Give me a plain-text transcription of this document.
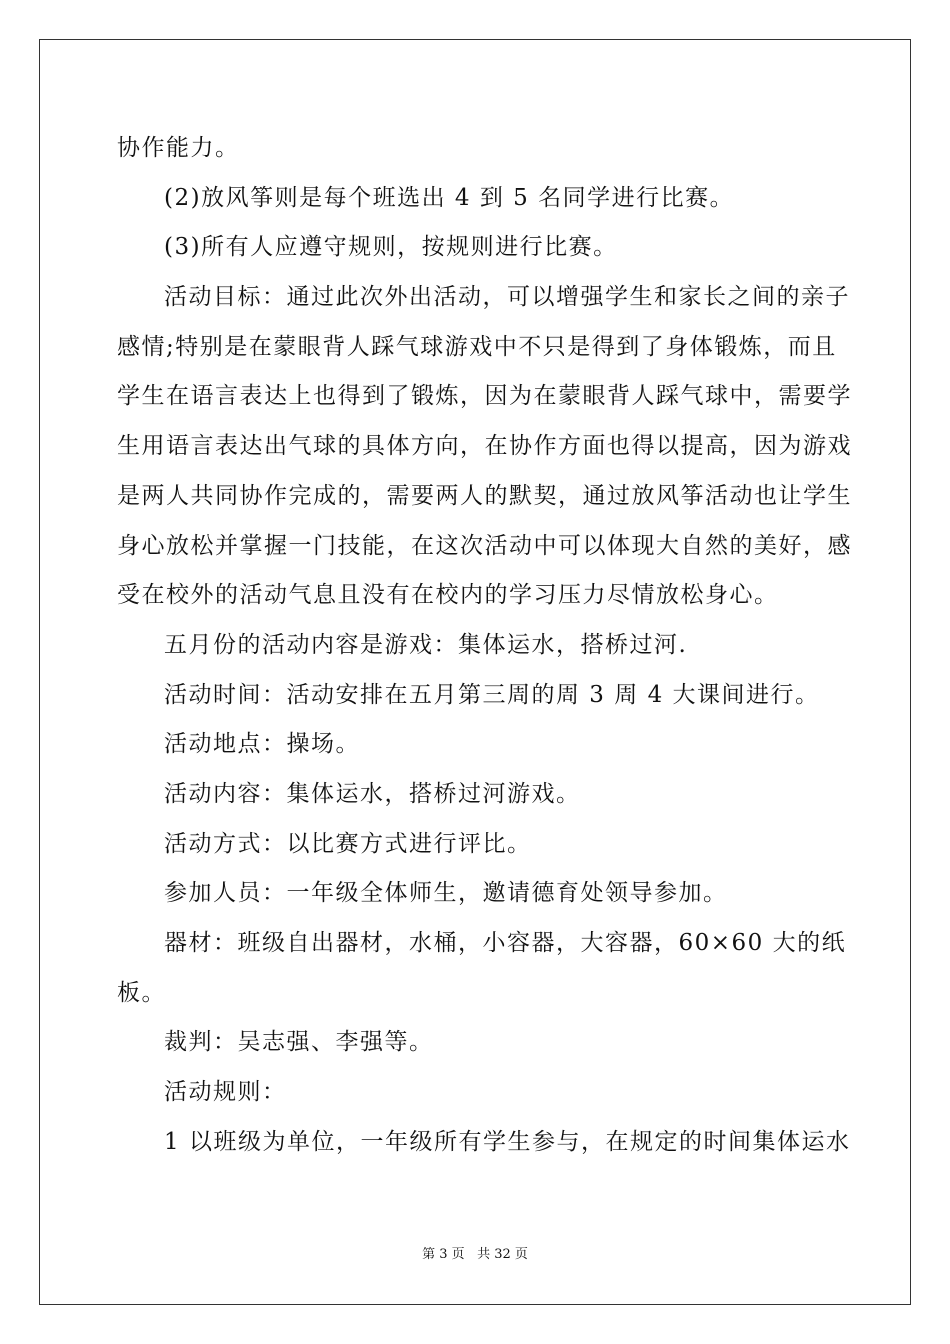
协作能力。
(2)放风筝则是每个班选出 4 到 5 名同学进行比赛。
(3)所有人应遵守规则，按规则进行比赛。
活动目标：通过此次外出活动，可以增强学生和家长之间的亲子
感情;特别是在蒙眼背人踩气球游戏中不只是得到了身体锻炼，而且
学生在语言表达上也得到了锻炼，因为在蒙眼背人踩气球中，需要学
生用语言表达出气球的具体方向，在协作方面也得以提高，因为游戏
是两人共同协作完成的，需要两人的默契，通过放风筝活动也让学生
身心放松并掌握一门技能，在这次活动中可以体现大自然的美好，感
受在校外的活动气息且没有在校内的学习压力尽情放松身心。
五月份的活动内容是游戏：集体运水，搭桥过河.
活动时间：活动安排在五月第三周的周 3 周 4 大课间进行。
活动地点：操场。
活动内容：集体运水，搭桥过河游戏。
活动方式：以比赛方式进行评比。
参加人员：一年级全体师生，邀请德育处领导参加。
器材：班级自出器材，水桶，小容器，大容器，60×60 大的纸
板。
裁判：吴志强、李强等。
活动规则：
1 以班级为单位，一年级所有学生参与，在规定的时间集体运水
第 3 页 共 32 页
